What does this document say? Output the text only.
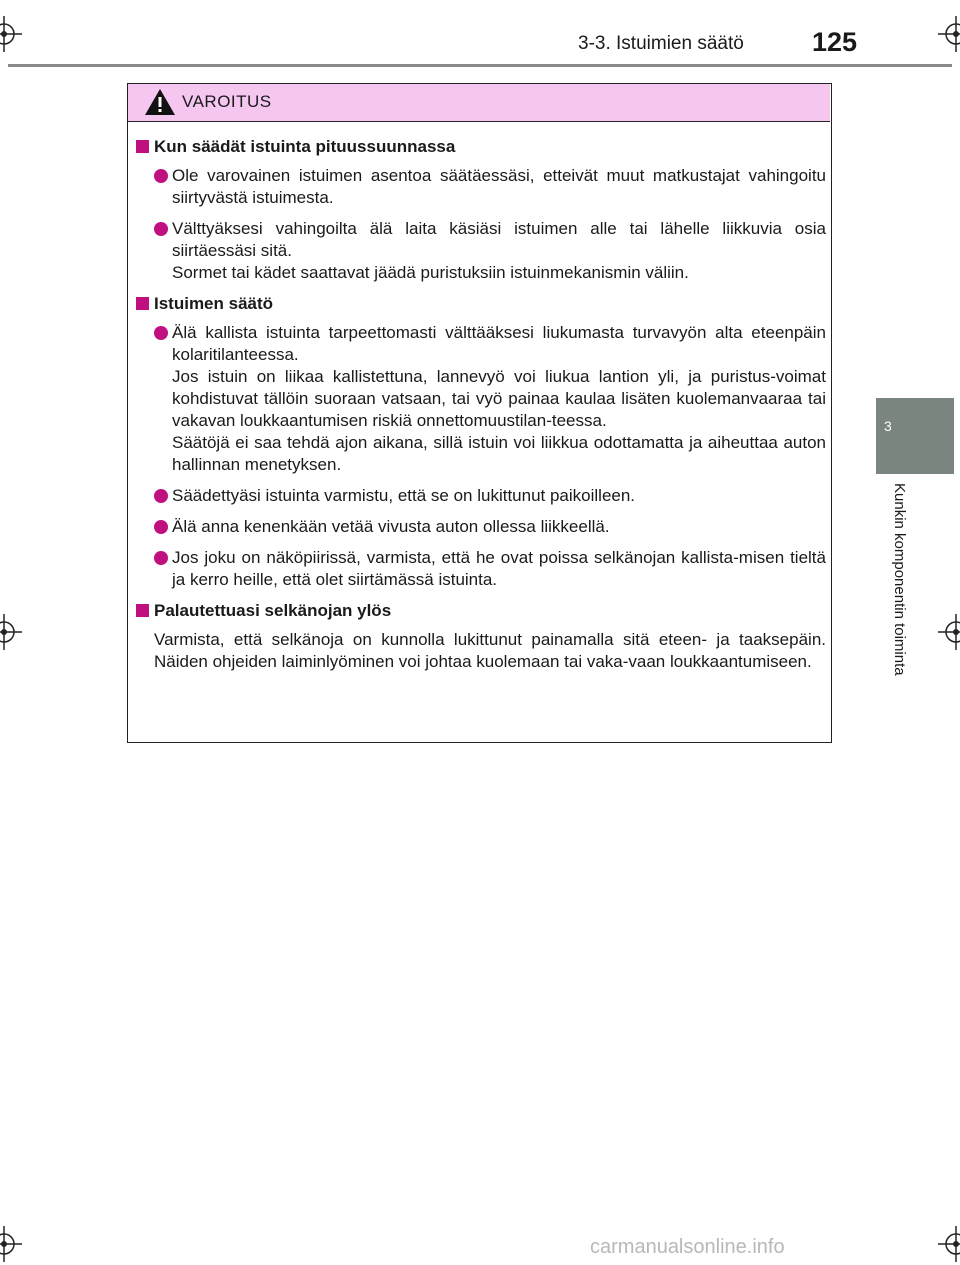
3-3. Istuimien säätö	125
3
Kunkin komponentin toiminta
VAROITUS
Kun säädät istuinta pituussuunnassa
Ole varovainen istuimen asentoa säätäessäsi, etteivät muut matkustajat vahingoitu siirtyvästä istuimesta.
Välttyäksesi vahingoilta älä laita käsiäsi istuimen alle tai lähelle liikkuvia osia siirtäessäsi sitä.
Sormet tai kädet saattavat jäädä puristuksiin istuinmekanismin väliin.
Istuimen säätö
Älä kallista istuinta tarpeettomasti välttääksesi liukumasta turvavyön alta eteenpäin kolaritilanteessa.
Jos istuin on liikaa kallistettuna, lannevyö voi liukua lantion yli, ja puristus-voimat kohdistuvat tällöin suoraan vatsaan, tai vyö painaa kaulaa lisäten kuolemanvaaraa tai vakavan loukkaantumisen riskiä onnettomuustilan-teessa.
Säätöjä ei saa tehdä ajon aikana, sillä istuin voi liikkua odottamatta ja aiheuttaa auton hallinnan menetyksen.
Säädettyäsi istuinta varmistu, että se on lukittunut paikoilleen.
Älä anna kenenkään vetää vivusta auton ollessa liikkeellä.
Jos joku on näköpiirissä, varmista, että he ovat poissa selkänojan kallista-misen tieltä ja kerro heille, että olet siirtämässä istuinta.
Palautettuasi selkänojan ylös
Varmista, että selkänoja on kunnolla lukittunut painamalla sitä eteen- ja taaksepäin. Näiden ohjeiden laiminlyöminen voi johtaa kuolemaan tai vaka-vaan loukkaantumiseen.
carmanualsonline.info
